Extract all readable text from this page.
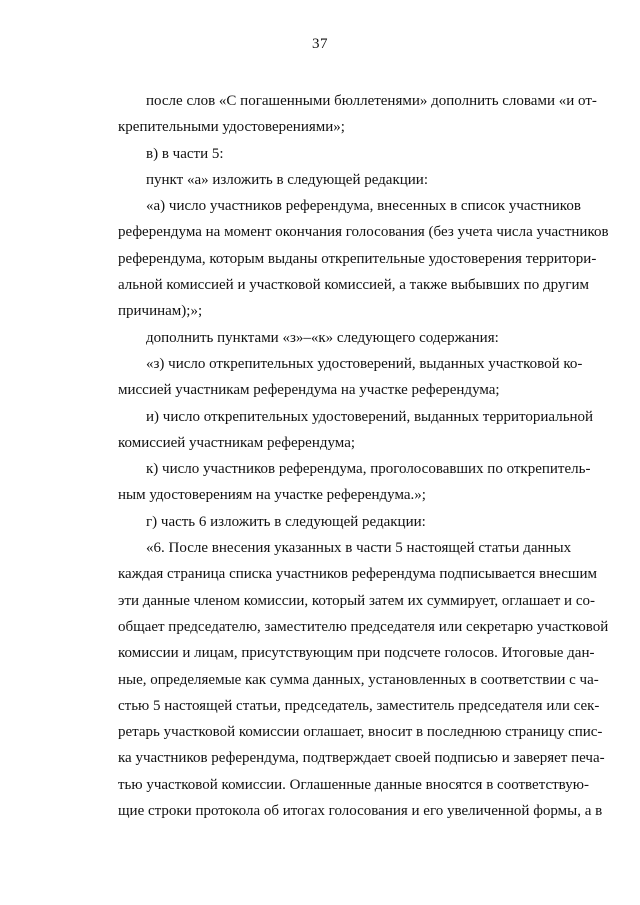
37
после слов «С погашенными бюллетенями» дополнить словами «и от-
крепительными удостоверениями»;
в) в части 5:
пункт «а» изложить в следующей редакции:
«а) число участников референдума, внесенных в список участников
референдума на момент окончания голосования (без учета числа участников
референдума, которым выданы открепительные удостоверения территори-
альной комиссией и участковой комиссией, а также выбывших по другим
причинам);»;
дополнить пунктами «з»–«к» следующего содержания:
«з) число открепительных удостоверений, выданных участковой ко-
миссией участникам референдума на участке референдума;
и) число открепительных удостоверений, выданных территориальной
комиссией участникам референдума;
к) число участников референдума, проголосовавших по открепитель-
ным удостоверениям на участке референдума.»;
г) часть 6 изложить в следующей редакции:
«6. После внесения указанных в части 5 настоящей статьи данных
каждая страница списка участников референдума подписывается внесшим
эти данные членом комиссии, который затем их суммирует, оглашает и со-
общает председателю, заместителю председателя или секретарю участковой
комиссии и лицам, присутствующим при подсчете голосов. Итоговые дан-
ные, определяемые как сумма данных, установленных в соответствии с ча-
стью 5 настоящей статьи, председатель, заместитель председателя или сек-
ретарь участковой комиссии оглашает, вносит в последнюю страницу спис-
ка участников референдума, подтверждает своей подписью и заверяет печа-
тью участковой комиссии. Оглашенные данные вносятся в соответствую-
щие строки протокола об итогах голосования и его увеличенной формы, а в
